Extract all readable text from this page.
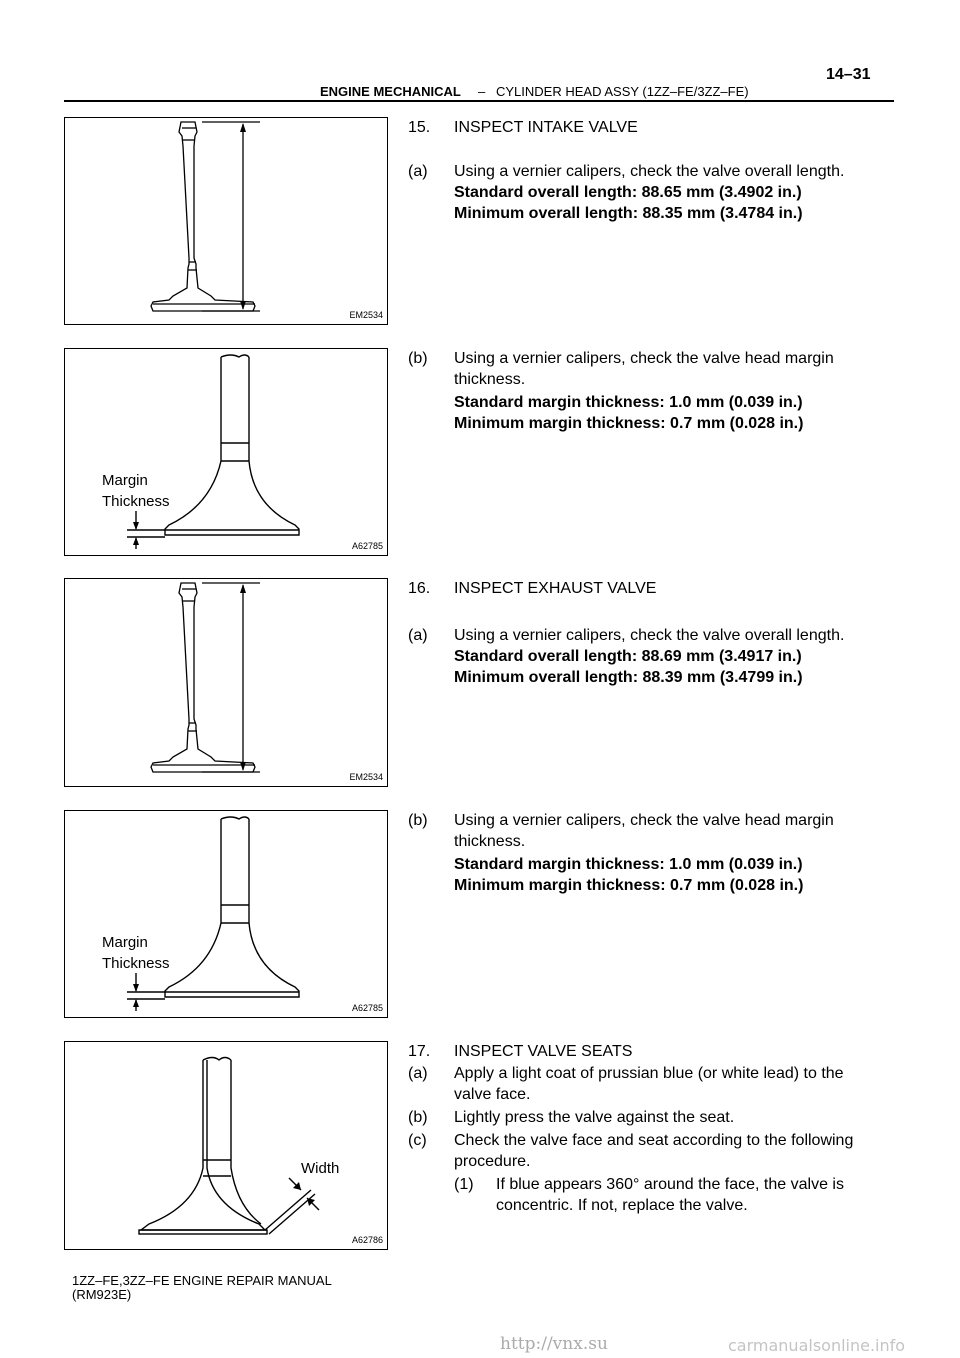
ENGINE MECHANICAL – CYLINDER HEAD ASSY (1ZZ–FE/3ZZ–FE)
14–31
EM2534
Margin
Thickness
A62785
EM2534
Margin
Thickness
A62785
Width
A62786
15. INSPECT INTAKE VALVE
(a) Using a vernier calipers, check the valve overall length.
Standard overall length: 88.65 mm (3.4902 in.)
Minimum overall length: 88.35 mm (3.4784 in.)
(b) Using a vernier calipers, check the valve head margin
thickness.
Standard margin thickness: 1.0 mm (0.039 in.)
Minimum margin thickness: 0.7 mm (0.028 in.)
16. INSPECT EXHAUST VALVE
(a) Using a vernier calipers, check the valve overall length.
Standard overall length: 88.69 mm (3.4917 in.)
Minimum overall length: 88.39 mm (3.4799 in.)
(b) Using a vernier calipers, check the valve head margin
thickness.
Standard margin thickness: 1.0 mm (0.039 in.)
Minimum margin thickness: 0.7 mm (0.028 in.)
17. INSPECT VALVE SEATS
(a) Apply a light coat of prussian blue (or white lead) to the
valve face.
(b) Lightly press the valve against the seat.
(c) Check the valve face and seat according to the following
procedure.
(1) If blue appears 360° around the face, the valve is
concentric. If not, replace the valve.
1ZZ–FE,3ZZ–FE ENGINE REPAIR MANUAL
(RM923E)
http://vnx.su	carmanualsonline.info
